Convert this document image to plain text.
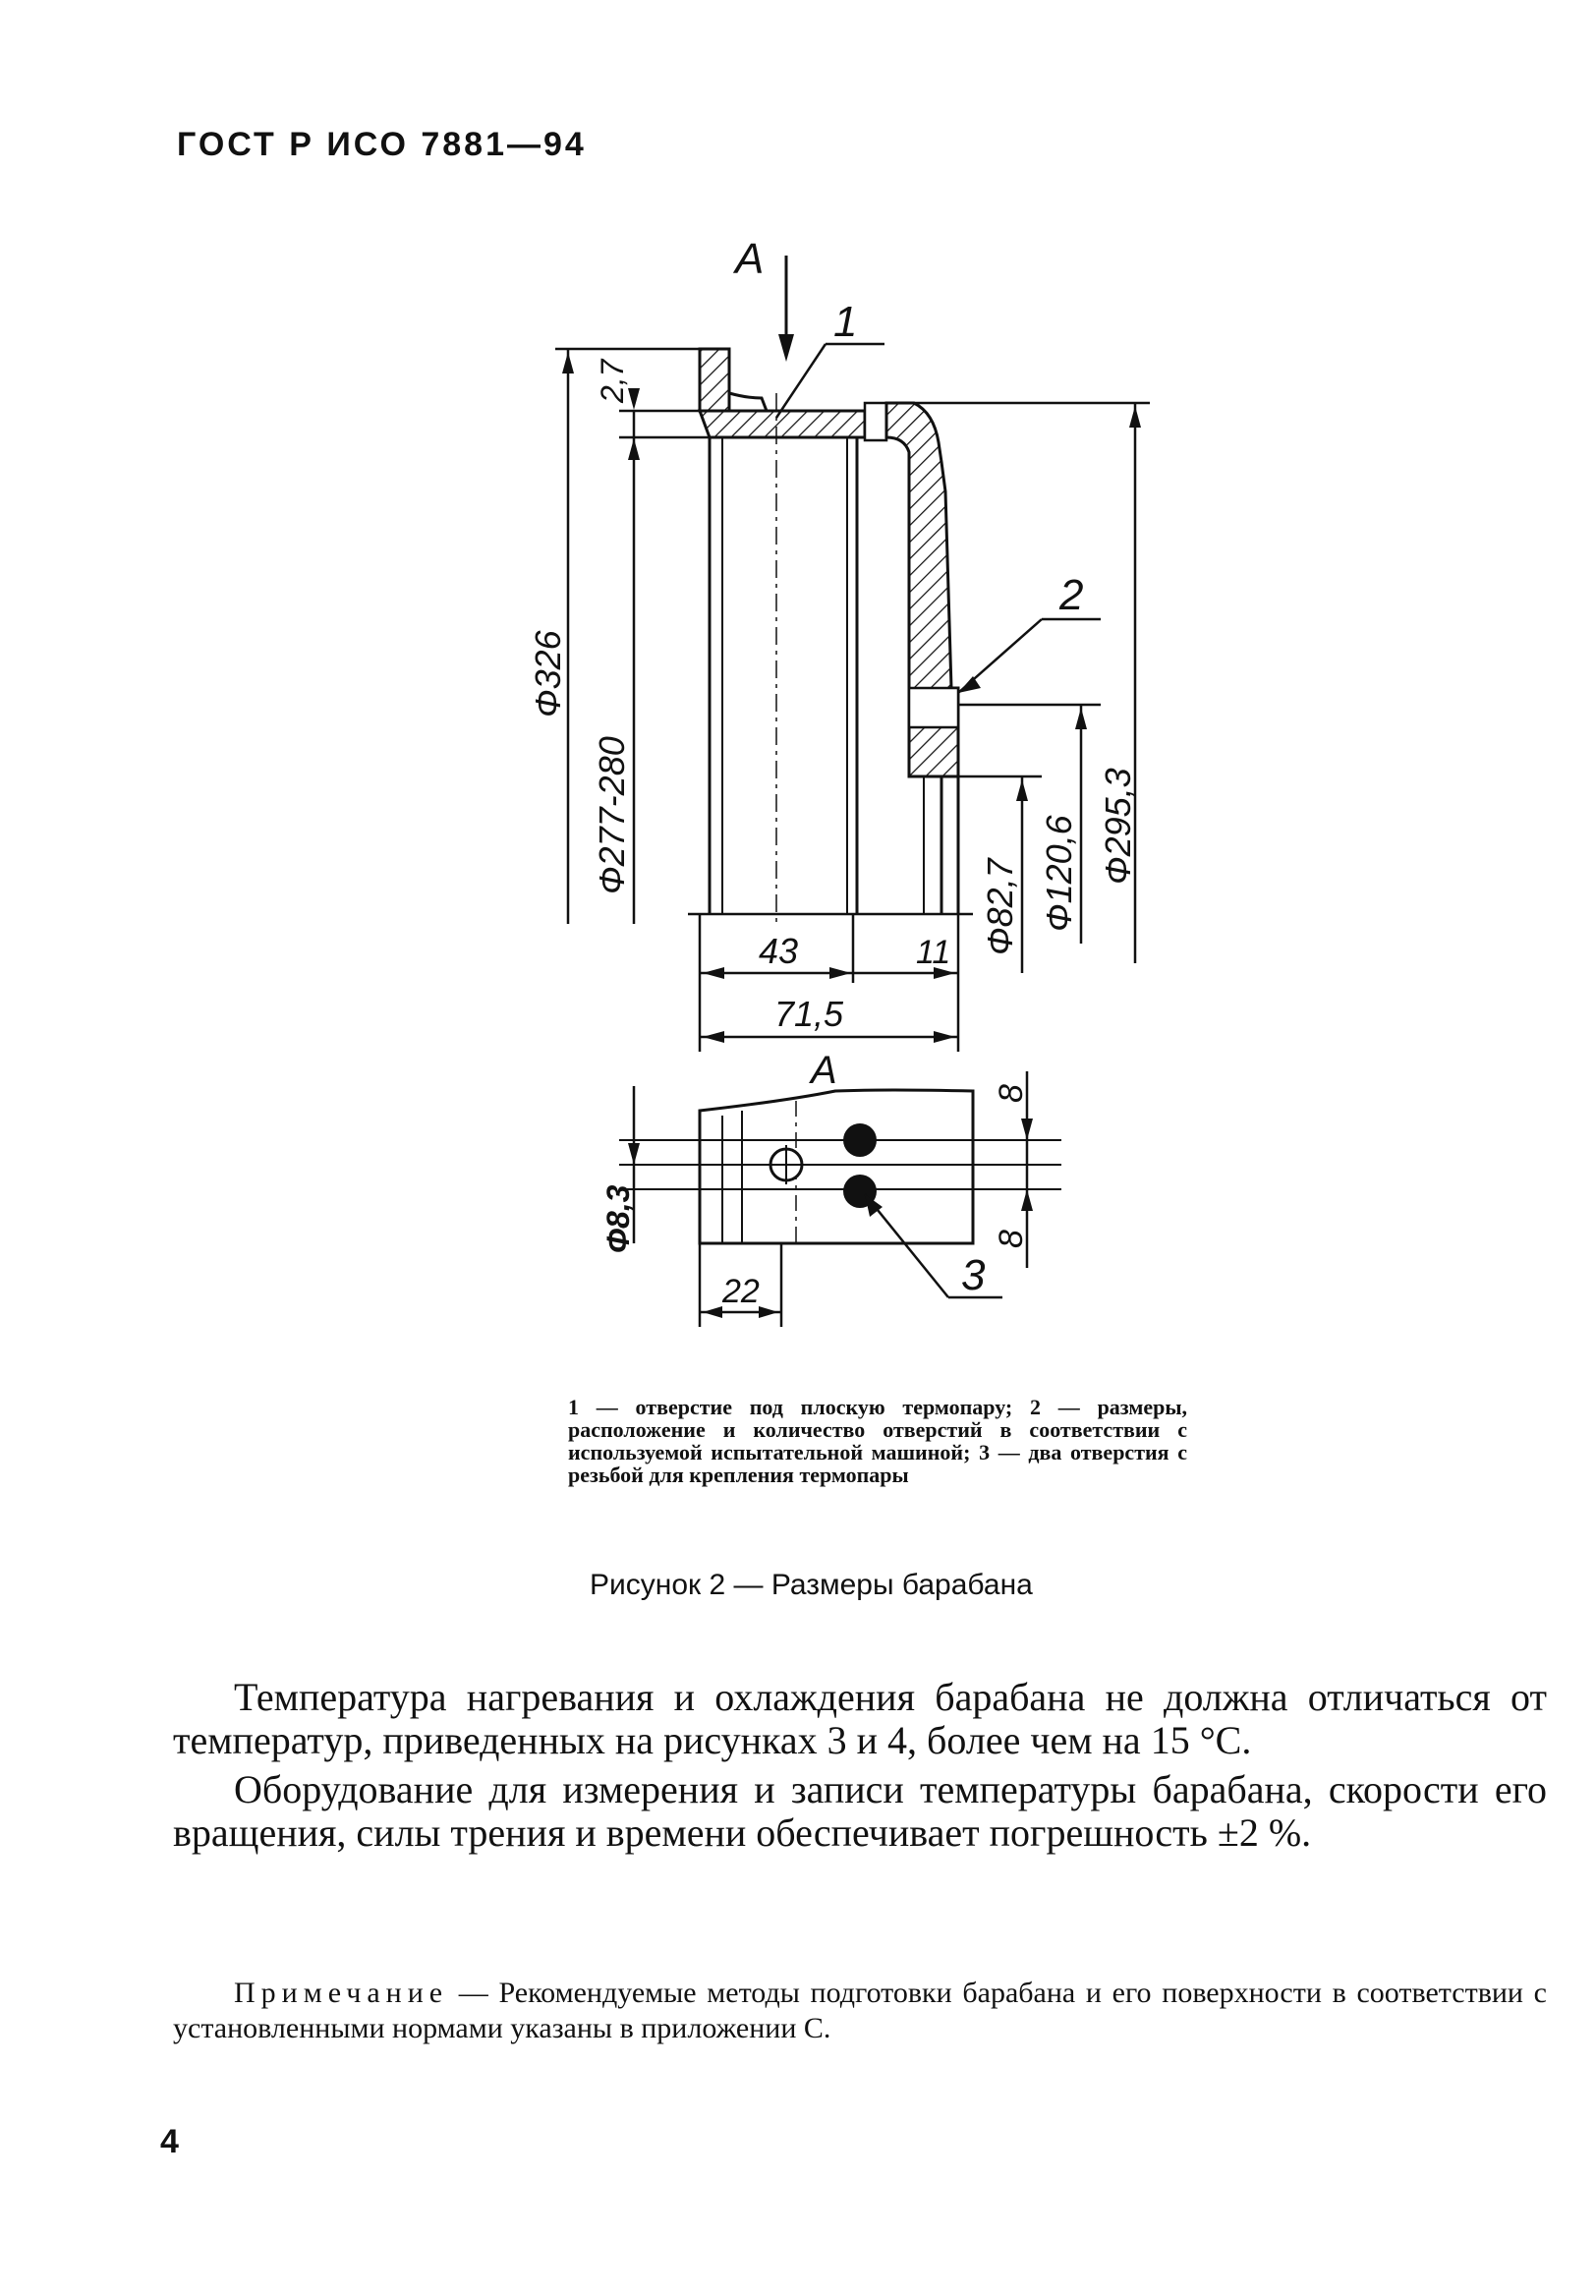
ГОСТ Р ИСО 7881—94
А
1
2
Ф326
Ф277-280
2,7
Ф295,3
Ф120,6
Ф82,7
43	11
71,5
А
Ф8,3
8
8
22	3

1 — отверстие под плоскую термопару; 2 — размеры, расположение и количество отверстий в соответствии с используемой испытательной машиной; 3 — два отверстия с резьбой для крепления термопары

Рисунок 2 — Размеры барабана

Температура нагревания и охлаждения барабана не должна отличаться от температур, приведенных на рисунках 3 и 4, более чем на 15 °С.

Оборудование для измерения и записи температуры барабана, скорости его вращения, силы трения и времени обеспечивает погрешность ±2 %.

Примечание — Рекомендуемые методы подготовки барабана и его поверхности в соответствии с установленными нормами указаны в приложении С.
4
